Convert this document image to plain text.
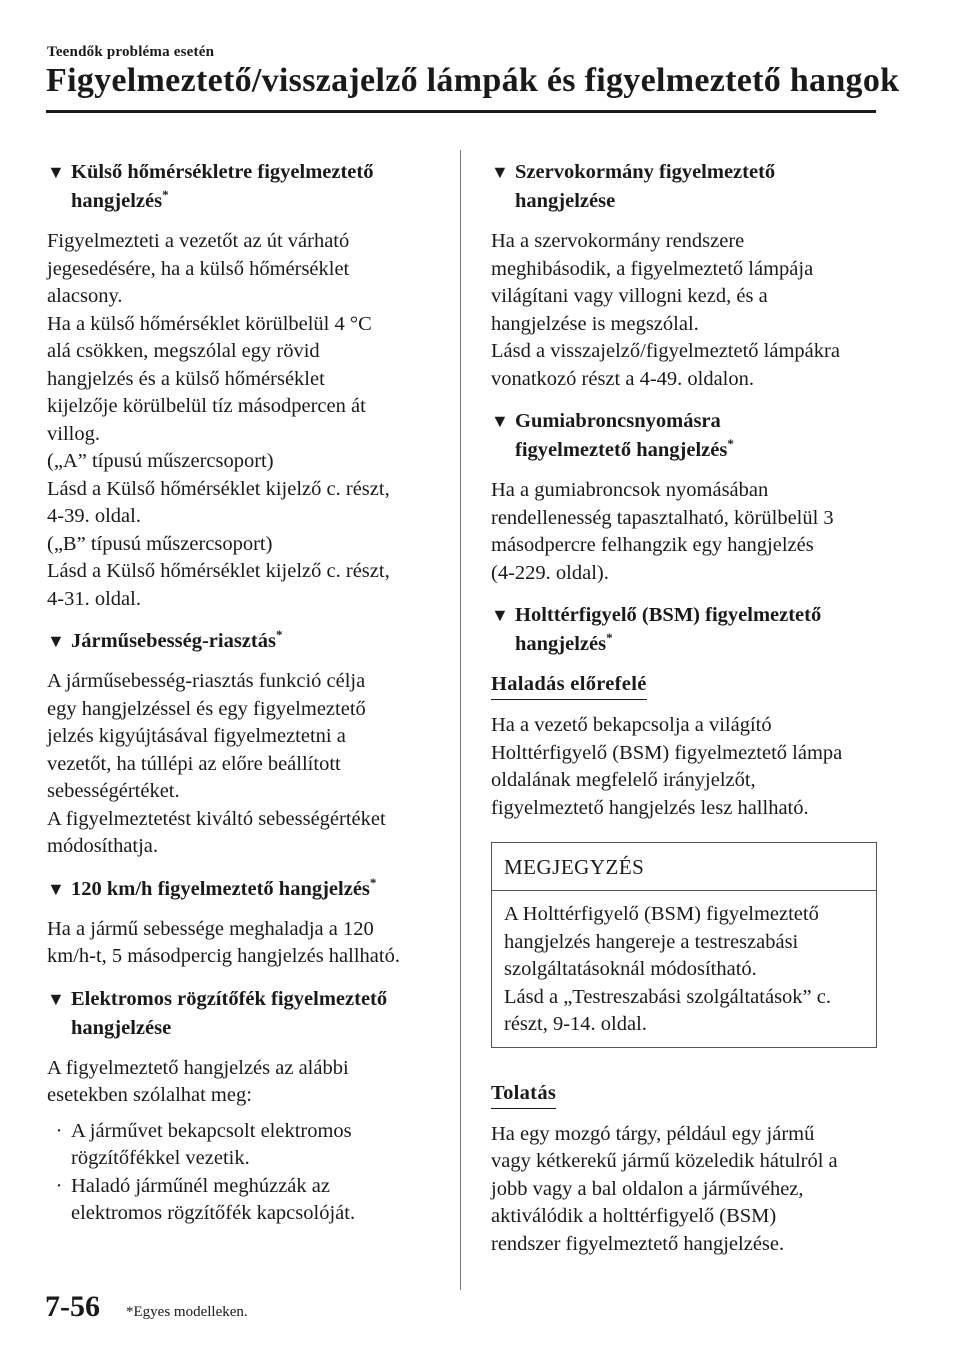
Teendők probléma esetén
Figyelmeztető/visszajelző lámpák és figyelmeztető hangok
▼ Külső hőmérsékletre figyelmeztető
hangjelzés*
Figyelmezteti a vezetőt az út várható
jegesedésére, ha a külső hőmérséklet
alacsony.
Ha a külső hőmérséklet körülbelül 4 °C
alá csökken, megszólal egy rövid
hangjelzés és a külső hőmérséklet
kijelzője körülbelül tíz másodpercen át
villog.
(„A” típusú műszercsoport)
Lásd a Külső hőmérséklet kijelző c. részt,
4-39. oldal.
(„B” típusú műszercsoport)
Lásd a Külső hőmérséklet kijelző c. részt,
4-31. oldal.
▼ Járműsebesség-riasztás*
A járműsebesség-riasztás funkció célja
egy hangjelzéssel és egy figyelmeztető
jelzés kigyújtásával figyelmeztetni a
vezetőt, ha túllépi az előre beállított
sebességértéket.
A figyelmeztetést kiváltó sebességértéket
módosíthatja.
▼ 120 km/h figyelmeztető hangjelzés*
Ha a jármű sebessége meghaladja a 120
km/h-t, 5 másodpercig hangjelzés hallható.
▼ Elektromos rögzítőfék figyelmeztető
hangjelzése
A figyelmeztető hangjelzés az alábbi
esetekben szólalhat meg:
· A járművet bekapcsolt elektromos
rögzítőfékkel vezetik.
· Haladó járműnél meghúzzák az
elektromos rögzítőfék kapcsolóját.
▼ Szervokormány figyelmeztető
hangjelzése
Ha a szervokormány rendszere
meghibásodik, a figyelmeztető lámpája
világítani vagy villogni kezd, és a
hangjelzése is megszólal.
Lásd a visszajelző/figyelmeztető lámpákra
vonatkozó részt a 4-49. oldalon.
▼ Gumiabroncsnyomásra
figyelmeztető hangjelzés*
Ha a gumiabroncsok nyomásában
rendellenesség tapasztalható, körülbelül 3
másodpercre felhangzik egy hangjelzés
(4-229. oldal).
▼ Holttérfigyelő (BSM) figyelmeztető
hangjelzés*
Haladás előrefelé
Ha a vezető bekapcsolja a világító
Holttérfigyelő (BSM) figyelmeztető lámpa
oldalának megfelelő irányjelzőt,
figyelmeztető hangjelzés lesz hallható.
MEGJEGYZÉS
A Holttérfigyelő (BSM) figyelmeztető
hangjelzés hangereje a testreszabási
szolgáltatásoknál módosítható.
Lásd a „Testreszabási szolgáltatások” c.
részt, 9-14. oldal.
Tolatás
Ha egy mozgó tárgy, például egy jármű
vagy kétkerekű jármű közeledik hátulról a
jobb vagy a bal oldalon a járművéhez,
aktiválódik a holttérfigyelő (BSM)
rendszer figyelmeztető hangjelzése.
7-56 *Egyes modelleken.
